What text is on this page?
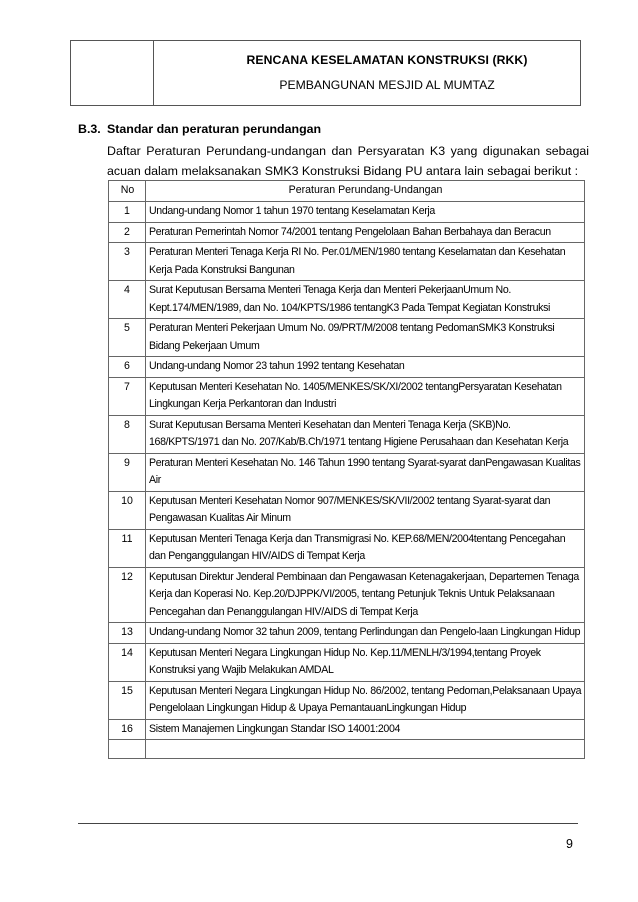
RENCANA KESELAMATAN KONSTRUKSI (RKK)
PEMBANGUNAN MESJID AL MUMTAZ
B.3. Standar dan peraturan perundangan
Daftar Peraturan Perundang-undangan dan Persyaratan K3 yang digunakan sebagai acuan dalam melaksanakan SMK3 Konstruksi Bidang PU antara lain sebagai berikut :
No	Peraturan Perundang-Undangan
1	Undang-undang Nomor 1 tahun 1970 tentang Keselamatan Kerja
2	Peraturan Pemerintah Nomor 74/2001 tentang Pengelolaan Bahan Berbahaya dan Beracun
3	Peraturan Menteri Tenaga Kerja RI No. Per.01/MEN/1980 tentang Keselamatan dan Kesehatan Kerja Pada Konstruksi Bangunan
4	Surat Keputusan Bersama Menteri Tenaga Kerja dan Menteri PekerjaanUmum No. Kept.174/MEN/1989, dan No. 104/KPTS/1986 tentangK3 Pada Tempat Kegiatan Konstruksi
5	Peraturan Menteri Pekerjaan Umum No. 09/PRT/M/2008 tentang PedomanSMK3 Konstruksi Bidang Pekerjaan Umum
6	Undang-undang Nomor 23 tahun 1992 tentang Kesehatan
7	Keputusan Menteri Kesehatan No. 1405/MENKES/SK/XI/2002 tentangPersyaratan Kesehatan Lingkungan Kerja Perkantoran dan Industri
8	Surat Keputusan Bersama Menteri Kesehatan dan Menteri Tenaga Kerja (SKB)No. 168/KPTS/1971 dan No. 207/Kab/B.Ch/1971 tentang Higiene Perusahaan dan Kesehatan Kerja
9	Peraturan Menteri Kesehatan No. 146 Tahun 1990 tentang Syarat-syarat danPengawasan Kualitas Air
10	Keputusan Menteri Kesehatan Nomor 907/MENKES/SK/VII/2002 tentang Syarat-syarat dan Pengawasan Kualitas Air Minum
11	Keputusan Menteri Tenaga Kerja dan Transmigrasi No. KEP.68/MEN/2004tentang Pencegahan dan Penganggulangan HIV/AIDS di Tempat Kerja
12	Keputusan Direktur Jenderal Pembinaan dan Pengawasan Ketenagakerjaan, Departemen Tenaga Kerja dan Koperasi No. Kep.20/DJPPK/VI/2005, tentang Petunjuk Teknis Untuk Pelaksanaan Pencegahan dan Penanggulangan HIV/AIDS di Tempat Kerja
13	Undang-undang Nomor 32 tahun 2009, tentang Perlindungan dan Pengelo-laan Lingkungan Hidup
14	Keputusan Menteri Negara Lingkungan Hidup No. Kep.11/MENLH/3/1994,tentang Proyek Konstruksi yang Wajib Melakukan AMDAL
15	Keputusan Menteri Negara Lingkungan Hidup No. 86/2002, tentang Pedoman,Pelaksanaan Upaya Pengelolaan Lingkungan Hidup & Upaya PemantauanLingkungan Hidup
16	Sistem Manajemen Lingkungan Standar ISO 14001:2004

9
